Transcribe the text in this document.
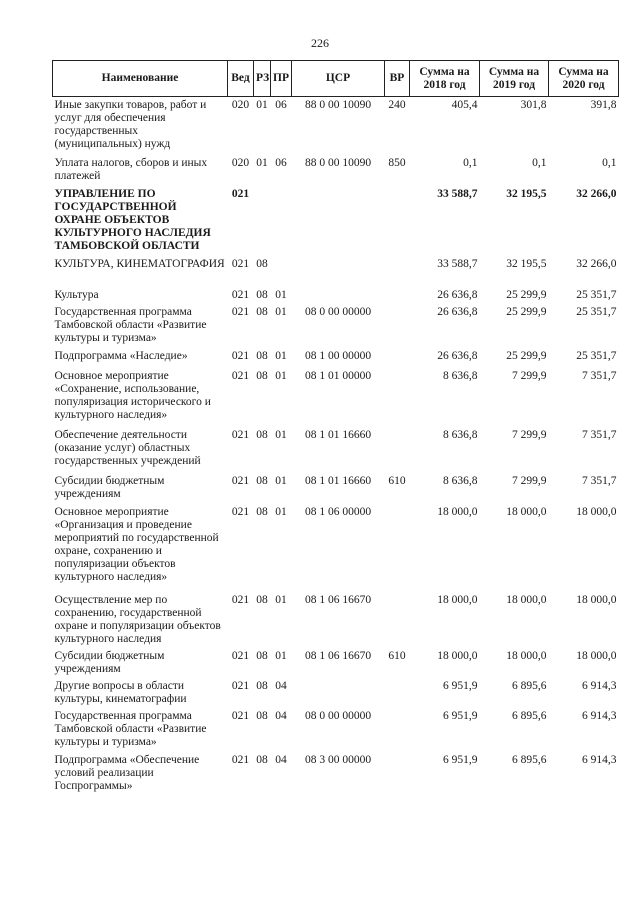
226
Наименование	Вед	РЗ	ПР	ЦСР	ВР	Сумма на 2018 год	Сумма на 2019 год	Сумма на 2020 год
Иные закупки товаров, работ и услуг для обеспечения государственных (муниципальных) нужд	020	01	06	88 0 00 10090	240	405,4	301,8	391,8
Уплата налогов, сборов и иных платежей	020	01	06	88 0 00 10090	850	0,1	0,1	0,1
УПРАВЛЕНИЕ ПО ГОСУДАРСТВЕННОЙ ОХРАНЕ ОБЪЕКТОВ КУЛЬТУРНОГО НАСЛЕДИЯ ТАМБОВСКОЙ ОБЛАСТИ	021					33 588,7	32 195,5	32 266,0
КУЛЬТУРА, КИНЕМАТОГРАФИЯ	021	08				33 588,7	32 195,5	32 266,0
Культура	021	08	01			26 636,8	25 299,9	25 351,7
Государственная программа Тамбовской области «Развитие культуры и туризма»	021	08	01	08 0 00 00000		26 636,8	25 299,9	25 351,7
Подпрограмма «Наследие»	021	08	01	08 1 00 00000		26 636,8	25 299,9	25 351,7
Основное мероприятие «Сохранение, использование, популяризация исторического и культурного наследия»	021	08	01	08 1 01 00000		8 636,8	7 299,9	7 351,7
Обеспечение деятельности (оказание услуг) областных государственных учреждений	021	08	01	08 1 01 16660		8 636,8	7 299,9	7 351,7
Субсидии бюджетным учреждениям	021	08	01	08 1 01 16660	610	8 636,8	7 299,9	7 351,7
Основное мероприятие «Организация и проведение мероприятий по государственной охране, сохранению и популяризации объектов культурного наследия»	021	08	01	08 1 06 00000		18 000,0	18 000,0	18 000,0
Осуществление мер по сохранению, государственной охране и популяризации объектов культурного наследия	021	08	01	08 1 06 16670		18 000,0	18 000,0	18 000,0
Субсидии бюджетным учреждениям	021	08	01	08 1 06 16670	610	18 000,0	18 000,0	18 000,0
Другие вопросы в области культуры, кинематографии	021	08	04			6 951,9	6 895,6	6 914,3
Государственная программа Тамбовской области «Развитие культуры и туризма»	021	08	04	08 0 00 00000		6 951,9	6 895,6	6 914,3
Подпрограмма «Обеспечение условий реализации Госпрограммы»	021	08	04	08 3 00 00000		6 951,9	6 895,6	6 914,3
